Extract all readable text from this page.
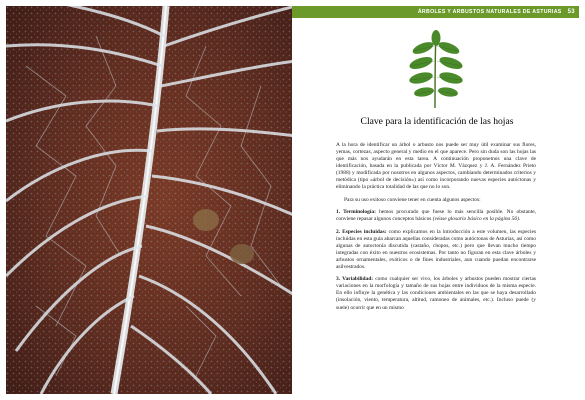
ÁRBOLES Y ARBUSTOS NATURALES DE ASTURIAS 53
Clave para la identificación de las hojas

A la hora de identificar un árbol o arbusto nos puede ser muy útil examinar sus flores, yemas, cortezas, aspecto general y medio en el que aparece. Pero sin duda son las hojas las que más nos ayudarán en esta tarea. A continuación proponemos una clave de identificación, basada en la publicada por Víctor M. Vázquez y J. A. Fernández Prieto (1988) y modificada por nosotros en algunos aspectos, cambiando determinados criterios y metódica (tipo «árbol de decisión») así como incorporando nuevas especies autóctonas y eliminando la práctica totalidad de las que no lo son.

Para su uso exitoso conviene tener en cuenta algunos aspectos:

1. Terminología: hemos procurado que fuese lo más sencilla posible. No obstante, conviene repasar algunos conceptos básicos (véase glosario básico en la página 56).

2. Especies incluidas: como explicamos en la introducción a este volumen, las especies incluidas en esta guía abarcan aquellas consideradas como autóctonas de Asturias, así como algunas de autoctonía discutida (castaño, chopos, etc.) pero que llevan mucho tiempo integradas con éxito en nuestros ecosistemas. Por tanto no figuran en esta clave árboles y arbustos ornamentales, exóticos o de fines industriales, aun cuando puedan encontrarse asilvestrados.

3. Variabilidad: como cualquier ser vivo, los árboles y arbustos pueden mostrar ciertas variaciones en la morfología y tamaño de sus hojas entre individuos de la misma especie. En ello influye la genética y las condiciones ambientales en las que se haya desarrollado (insolación, viento, temperatura, altitud, ramoneo de animales, etc.). Incluso puede (y suele) ocurrir que en un mismo
